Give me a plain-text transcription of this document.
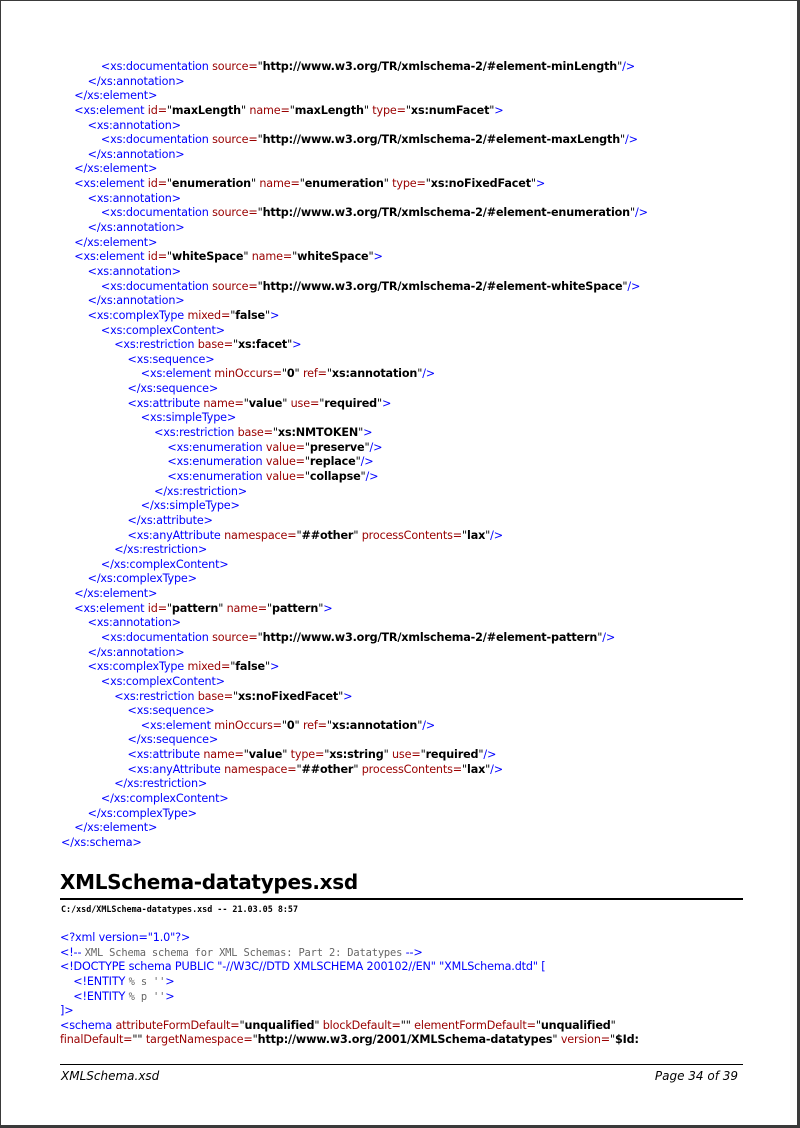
<xs:documentation source="http://www.w3.org/TR/xmlschema-2/#element-minLength"/>
</xs:annotation>
</xs:element>
<xs:element id="maxLength" name="maxLength" type="xs:numFacet">
<xs:annotation>
<xs:documentation source="http://www.w3.org/TR/xmlschema-2/#element-maxLength"/>
</xs:annotation>
</xs:element>
<xs:element id="enumeration" name="enumeration" type="xs:noFixedFacet">
<xs:annotation>
<xs:documentation source="http://www.w3.org/TR/xmlschema-2/#element-enumeration"/>
</xs:annotation>
</xs:element>
<xs:element id="whiteSpace" name="whiteSpace">
<xs:annotation>
<xs:documentation source="http://www.w3.org/TR/xmlschema-2/#element-whiteSpace"/>
</xs:annotation>
<xs:complexType mixed="false">
<xs:complexContent>
<xs:restriction base="xs:facet">
<xs:sequence>
<xs:element minOccurs="0" ref="xs:annotation"/>
</xs:sequence>
<xs:attribute name="value" use="required">
<xs:simpleType>
<xs:restriction base="xs:NMTOKEN">
<xs:enumeration value="preserve"/>
<xs:enumeration value="replace"/>
<xs:enumeration value="collapse"/>
</xs:restriction>
</xs:simpleType>
</xs:attribute>
<xs:anyAttribute namespace="##other" processContents="lax"/>
</xs:restriction>
</xs:complexContent>
</xs:complexType>
</xs:element>
<xs:element id="pattern" name="pattern">
<xs:annotation>
<xs:documentation source="http://www.w3.org/TR/xmlschema-2/#element-pattern"/>
</xs:annotation>
<xs:complexType mixed="false">
<xs:complexContent>
<xs:restriction base="xs:noFixedFacet">
<xs:sequence>
<xs:element minOccurs="0" ref="xs:annotation"/>
</xs:sequence>
<xs:attribute name="value" type="xs:string" use="required"/>
<xs:anyAttribute namespace="##other" processContents="lax"/>
</xs:restriction>
</xs:complexContent>
</xs:complexType>
</xs:element>
</xs:schema>
XMLSchema-datatypes.xsd
C:/xsd/XMLSchema-datatypes.xsd -- 21.03.05 8:57
<?xml version="1.0"?>
<!-- XML Schema schema for XML Schemas: Part 2: Datatypes -->
<!DOCTYPE schema PUBLIC "-//W3C//DTD XMLSCHEMA 200102//EN" "XMLSchema.dtd" [
<!ENTITY % s ''>
<!ENTITY % p ''>
]>
<schema attributeFormDefault="unqualified" blockDefault="" elementFormDefault="unqualified"
finalDefault="" targetNamespace="http://www.w3.org/2001/XMLSchema-datatypes" version="$Id:
XMLSchema.xsd	Page 34 of 39
